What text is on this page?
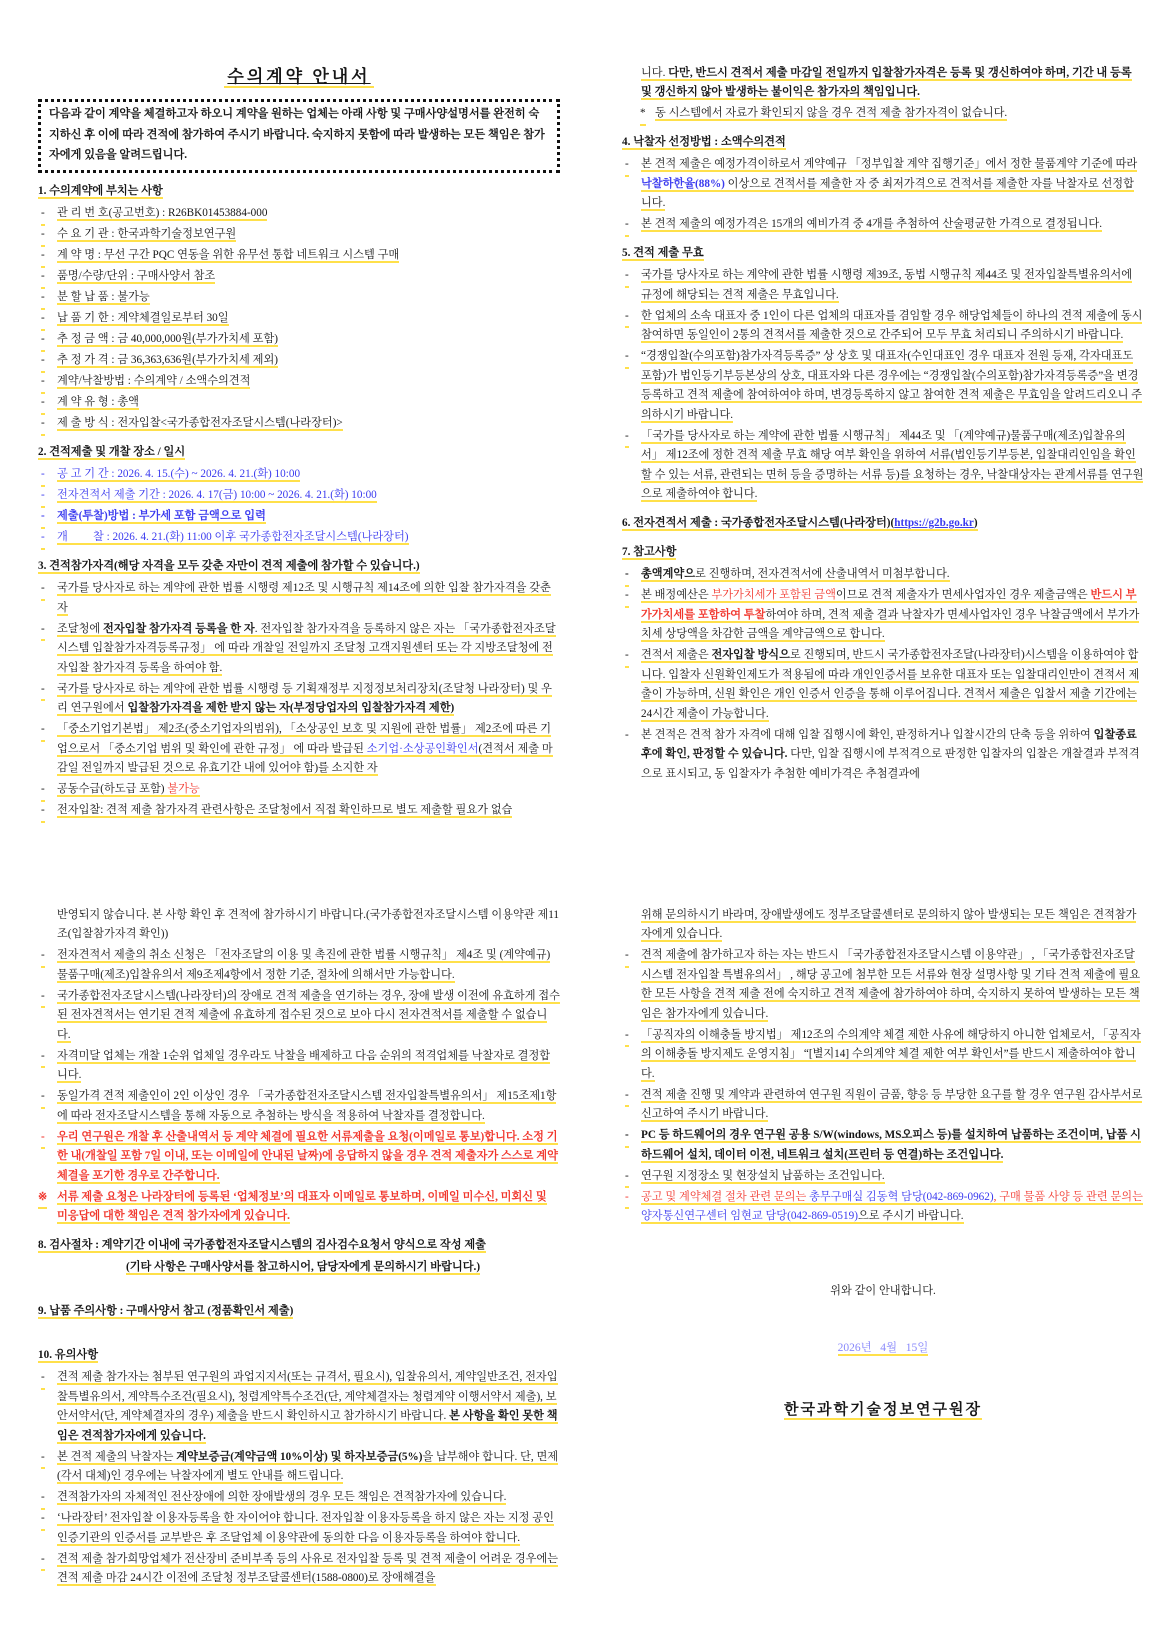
수의계약 안내서
다음과 같이 계약을 체결하고자 하오니 계약을 원하는 업체는 아래 사항 및 구매사양설명서를 완전히 숙지하신 후 이에 따라 견적에 참가하여 주시기 바랍니다. 숙지하지 못함에 따라 발생하는 모든 책임은 참가자에게 있음을 알려드립니다.
1. 수의계약에 부치는 사항
- 관 리 번 호(공고번호) : R26BK01453884-000
- 수 요 기 관 : 한국과학기술정보연구원
- 계 약 명 : 무선 구간 PQC 연동을 위한 유무선 통합 네트워크 시스템 구매
- 품명/수량/단위 : 구매사양서 참조
- 분 할 납 품 : 불가능
- 납 품 기 한 : 계약체결일로부터 30일
- 추 정 금 액 : 금 40,000,000원(부가가치세 포함)
- 추 정 가 격 : 금 36,363,636원(부가가치세 제외)
- 계약/낙찰방법 : 수의계약 / 소액수의견적
- 계 약 유 형 : 총액
- 제 출 방 식 : 전자입찰<국가종합전자조달시스템(나라장터)>
2. 견적제출 및 개찰 장소 / 일시
- 공 고 기 간 : 2026. 4. 15.(수) ~ 2026. 4. 21.(화) 10:00
- 전자견적서 제출 기간 : 2026. 4. 17(금) 10:00 ~ 2026. 4. 21.(화) 10:00
- 제출(투찰)방법 : 부가세 포함 금액으로 입력
- 개         찰 : 2026. 4. 21.(화) 11:00 이후 국가종합전자조달시스템(나라장터)
3. 견적참가자격(해당 자격을 모두 갖춘 자만이 견적 제출에 참가할 수 있습니다.)
- 국가를 당사자로 하는 계약에 관한 법률 시행령 제12조 및 시행규칙 제14조에 의한 입찰 참가자격을 갖춘 자
- 조달청에 전자입찰 참가자격 등록을 한 자. 전자입찰 참가자격을 등록하지 않은 자는 「국가종합전자조달시스템 입찰참가자격등록규정」 에 따라 개찰일 전일까지 조달청 고객지원센터 또는 각 지방조달청에 전자입찰 참가자격 등록을 하여야 함.
- 국가를 당사자로 하는 계약에 관한 법률 시행령 등 기획재정부 지정정보처리장치(조달청 나라장터) 및 우리 연구원에서 입찰참가자격을 제한 받지 않는 자(부정당업자의 입찰참가자격 제한)
- 「중소기업기본법」 제2조(중소기업자의범위), 「소상공인 보호 및 지원에 관한 법률」 제2조에 따른 기업으로서 「중소기업 범위 및 확인에 관한 규정」 에 따라 발급된 소기업·소상공인확인서(견적서 제출 마감일 전일까지 발급된 것으로 유효기간 내에 있어야 함)를 소지한 자
- 공동수급(하도급 포함) 불가능
- 전자입찰: 견적 제출 참가자격 관련사항은 조달청에서 직접 확인하므로 별도 제출할 필요가 없습
니다. 다만, 반드시 견적서 제출 마감일 전일까지 입찰참가자격은 등록 및 갱신하여야 하며, 기간 내 등록 및 갱신하지 않아 발생하는 불이익은 참가자의 책임입니다.
* 동 시스템에서 자료가 확인되지 않을 경우 견적 제출 참가자격이 없습니다.
4. 낙찰자 선정방법 : 소액수의견적
- 본 견적 제출은 예정가격이하로서 계약예규 「정부입찰 계약 집행기준」에서 정한 물품계약 기준에 따라 낙찰하한율(88%) 이상으로 견적서를 제출한 자 중 최저가격으로 견적서를 제출한 자를 낙찰자로 선정합니다.
- 본 견적 제출의 예정가격은 15개의 예비가격 중 4개를 추첨하여 산술평균한 가격으로 결정됩니다.
5. 견적 제출 무효
- 국가를 당사자로 하는 계약에 관한 법률 시행령 제39조, 동법 시행규칙 제44조 및 전자입찰특별유의서에 규정에 해당되는 견적 제출은 무효입니다.
- 한 업체의 소속 대표자 중 1인이 다른 업체의 대표자를 겸임할 경우 해당업체들이 하나의 견적 제출에 동시 참여하면 동일인이 2통의 견적서를 제출한 것으로 간주되어 모두 무효 처리되니 주의하시기 바랍니다.
- “경쟁입찰(수의포함)참가자격등록증” 상 상호 및 대표자(수인대표인 경우 대표자 전원 등재, 각자대표도 포함)가 법인등기부등본상의 상호, 대표자와 다른 경우에는 “경쟁입찰(수의포함)참가자격등록증”을 변경등록하고 견적 제출에 참여하여야 하며, 변경등록하지 않고 참여한 견적 제출은 무효임을 알려드리오니 주의하시기 바랍니다.
- 「국가를 당사자로 하는 계약에 관한 법률 시행규칙」 제44조 및 「(계약예규)물품구매(제조)입찰유의서」 제12조에 정한 견적 제출 무효 해당 여부 확인을 위하여 서류(법인등기부등본, 입찰대리인임을 확인할 수 있는 서류, 관련되는 면허 등을 증명하는 서류 등)를 요청하는 경우, 낙찰대상자는 관계서류를 연구원으로 제출하여야 합니다.
6. 전자견적서 제출 : 국가종합전자조달시스템(나라장터)(https://g2b.go.kr)
7. 참고사항
- 총액계약으로 진행하며, 전자견적서에 산출내역서 미첨부합니다.
- 본 배정예산은 부가가치세가 포함된 금액이므로 견적 제출자가 면세사업자인 경우 제출금액은 반드시 부가가치세를 포함하여 투찰하여야 하며, 견적 제출 결과 낙찰자가 면세사업자인 경우 낙찰금액에서 부가가치세 상당액을 차감한 금액을 계약금액으로 합니다.
- 견적서 제출은 전자입찰 방식으로 진행되며, 반드시 국가종합전자조달(나라장터)시스템을 이용하여야 합니다. 입찰자 신원확인제도가 적용됨에 따라 개인인증서를 보유한 대표자 또는 입찰대리인만이 견적서 제출이 가능하며, 신원 확인은 개인 인증서 인증을 통해 이루어집니다. 견적서 제출은 입찰서 제출 기간에는 24시간 제출이 가능합니다.
- 본 견적은 견적 참가 자격에 대해 입찰 집행시에 확인, 판정하거나 입찰시간의 단축 등을 위하여 입찰종료 후에 확인, 판정할 수 있습니다. 다만, 입찰 집행시에 부적격으로 판정한 입찰자의 입찰은 개찰결과 부적격으로 표시되고, 동 입찰자가 추첨한 예비가격은 추첨결과에
반영되지 않습니다. 본 사항 확인 후 견적에 참가하시기 바랍니다.(국가종합전자조달시스템 이용약관 제11조(입찰참가자격 확인))
- 전자견적서 제출의 취소 신청은 「전자조달의 이용 및 촉진에 관한 법률 시행규칙」 제4조 및 (계약예규) 물품구매(제조)입찰유의서 제9조제4항에서 정한 기준, 절차에 의해서만 가능합니다.
- 국가종합전자조달시스템(나라장터)의 장애로 견적 제출을 연기하는 경우, 장애 발생 이전에 유효하게 접수된 전자견적서는 연기된 견적 제출에 유효하게 접수된 것으로 보아 다시 전자견적서를 제출할 수 없습니다.
- 자격미달 업체는 개찰 1순위 업체일 경우라도 낙찰을 배제하고 다음 순위의 적격업체를 낙찰자로 결정합니다.
- 동일가격 견적 제출인이 2인 이상인 경우 「국가종합전자조달시스템 전자입찰특별유의서」 제15조제1항에 따라 전자조달시스템을 통해 자동으로 추첨하는 방식을 적용하여 낙찰자를 결정합니다.
- 우리 연구원은 개찰 후 산출내역서 등 계약 체결에 필요한 서류제출을 요청(이메일로 통보)합니다. 소정 기한 내(개찰일 포함 7일 이내, 또는 이메일에 안내된 날짜)에 응답하지 않을 경우 견적 제출자가 스스로 계약체결을 포기한 경우로 간주합니다.
※ 서류 제출 요청은 나라장터에 등록된 ‘업체정보’의 대표자 이메일로 통보하며, 이메일 미수신, 미회신 및 미응답에 대한 책임은 견적 참가자에게 있습니다.
8. 검사절차 : 계약기간 이내에 국가종합전자조달시스템의 검사검수요청서 양식으로 작성 제출
(기타 사항은 구매사양서를 참고하시어, 담당자에게 문의하시기 바랍니다.)
9. 납품 주의사항 : 구매사양서 참고 (정품확인서 제출)
10. 유의사항
- 견적 제출 참가자는 첨부된 연구원의 과업지지서(또는 규격서, 필요시), 입찰유의서, 계약일반조건, 전자입찰특별유의서, 계약특수조건(필요시), 청렴계약특수조건(단, 계약체결자는 청렴계약 이행서약서 제출), 보안서약서(단, 계약체결자의 경우) 제출을 반드시 확인하시고 참가하시기 바랍니다. 본 사항을 확인 못한 책임은 견적참가자에게 있습니다.
- 본 견적 제출의 낙찰자는 계약보증금(계약금액 10%이상) 및 하자보증금(5%)을 납부해야 합니다. 단, 면제(각서 대체)인 경우에는 낙찰자에게 별도 안내를 해드립니다.
- 견적참가자의 자체적인 전산장애에 의한 장애발생의 경우 모든 책임은 견적참가자에 있습니다.
- ‘나라장터’ 전자입찰 이용자등록을 한 자이어야 합니다. 전자입찰 이용자등록을 하지 않은 자는 지정 공인인증기관의 인증서를 교부받은 후 조달업체 이용약관에 동의한 다음 이용자등록을 하여야 합니다.
- 견적 제출 참가희망업체가 전산장비 준비부족 등의 사유로 전자입찰 등록 및 견적 제출이 어려운 경우에는 견적 제출 마감 24시간 이전에 조달청 정부조달콜센터(1588-0800)로 장애해결을
위해 문의하시기 바라며, 장애발생에도 정부조달콜센터로 문의하지 않아 발생되는 모든 책임은 견적참가자에게 있습니다.
- 견적 제출에 참가하고자 하는 자는 반드시 「국가종합전자조달시스템 이용약관」 , 「국가종합전자조달시스템 전자입찰 특별유의서」 , 해당 공고에 첨부한 모든 서류와 현장 설명사항 및 기타 견적 제출에 필요한 모든 사항을 견적 제출 전에 숙지하고 견적 제출에 참가하여야 하며, 숙지하지 못하여 발생하는 모든 책임은 참가자에게 있습니다.
- 「공직자의 이해충돌 방지법」 제12조의 수의계약 체결 제한 사유에 해당하지 아니한 업체로서, 「공직자의 이해충돌 방지제도 운영지침」 “[별지14] 수의계약 체결 제한 여부 확인서”를 반드시 제출하여야 합니다.
- 견적 제출 진행 및 계약과 관련하여 연구원 직원이 금품, 향응 등 부당한 요구를 할 경우 연구원 감사부서로 신고하여 주시기 바랍니다.
- PC 등 하드웨어의 경우 연구원 공용 S/W(windows, MS오피스 등)를 설치하여 납품하는 조건이며, 납품 시 하드웨어 설치, 데이터 이전, 네트워크 설치(프린터 등 연결)하는 조건입니다.
- 연구원 지정장소 및 현장설치 납품하는 조건입니다.
- 공고 및 계약체결 절차 관련 문의는 총무구매실 김동혁 담당(042-869-0962), 구매 물품 사양 등 관련 문의는 양자통신연구센터 임현교 담당(042-869-0519)으로 주시기 바랍니다.
위와 같이 안내합니다.
2026년   4월   15일
한국과학기술정보연구원장
